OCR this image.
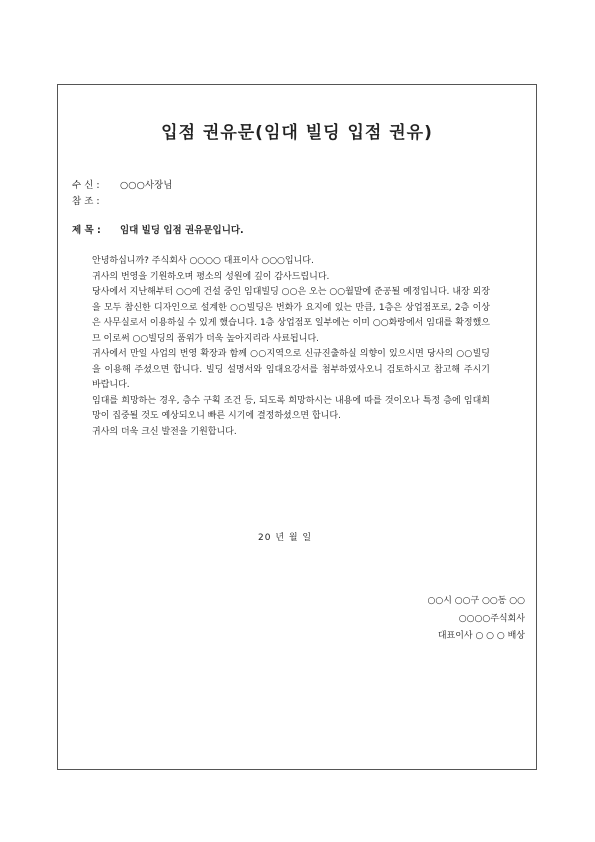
입점 권유문(임대 빌딩 입점 권유)
수 신 : ○○○사장님
참 조 :
제 목 : 임대 빌딩 입점 권유문입니다.

안녕하십니까? 주식회사 ○○○○ 대표이사 ○○○입니다.

귀사의 번영을 기원하오며 평소의 성원에 깊이 감사드립니다.

당사에서 지난해부터 ○○에 건설 중인 임대빌딩 ○○은 오는 ○○월말에 준공될 예정입니다. 내장 외장을 모두 참신한 디자인으로 설계한 ○○빌딩은 번화가 요지에 있는 만큼, 1층은 상업점포로, 2층 이상은 사무실로서 이용하실 수 있게 했습니다. 1층 상업점포 일부에는 이미 ○○화랑에서 임대를 확정했으므 이로써 ○○빌딩의 품위가 더욱 높아지리라 사료됩니다.

귀사에서 만일 사업의 번영 확장과 함께 ○○지역으로 신규진출하실 의향이 있으시면 당사의 ○○빌딩을 이용해 주셨으면 합니다. 빌딩 설명서와 임대요강서를 첨부하였사오니 검토하시고 참고해 주시기 바랍니다.

임대를 희망하는 경우, 층수 구획 조건 등, 되도록 희망하시는 내용에 따를 것이오나 특정 층에 임대희망이 집중될 것도 예상되오니 빠른 시기에 결정하셨으면 합니다.

귀사의 더욱 크신 발전을 기원합니다.

20 년 월 일
○○시 ○○구 ○○동 ○○
○○○○주식회사
대표이사 ○ ○ ○ 배상
